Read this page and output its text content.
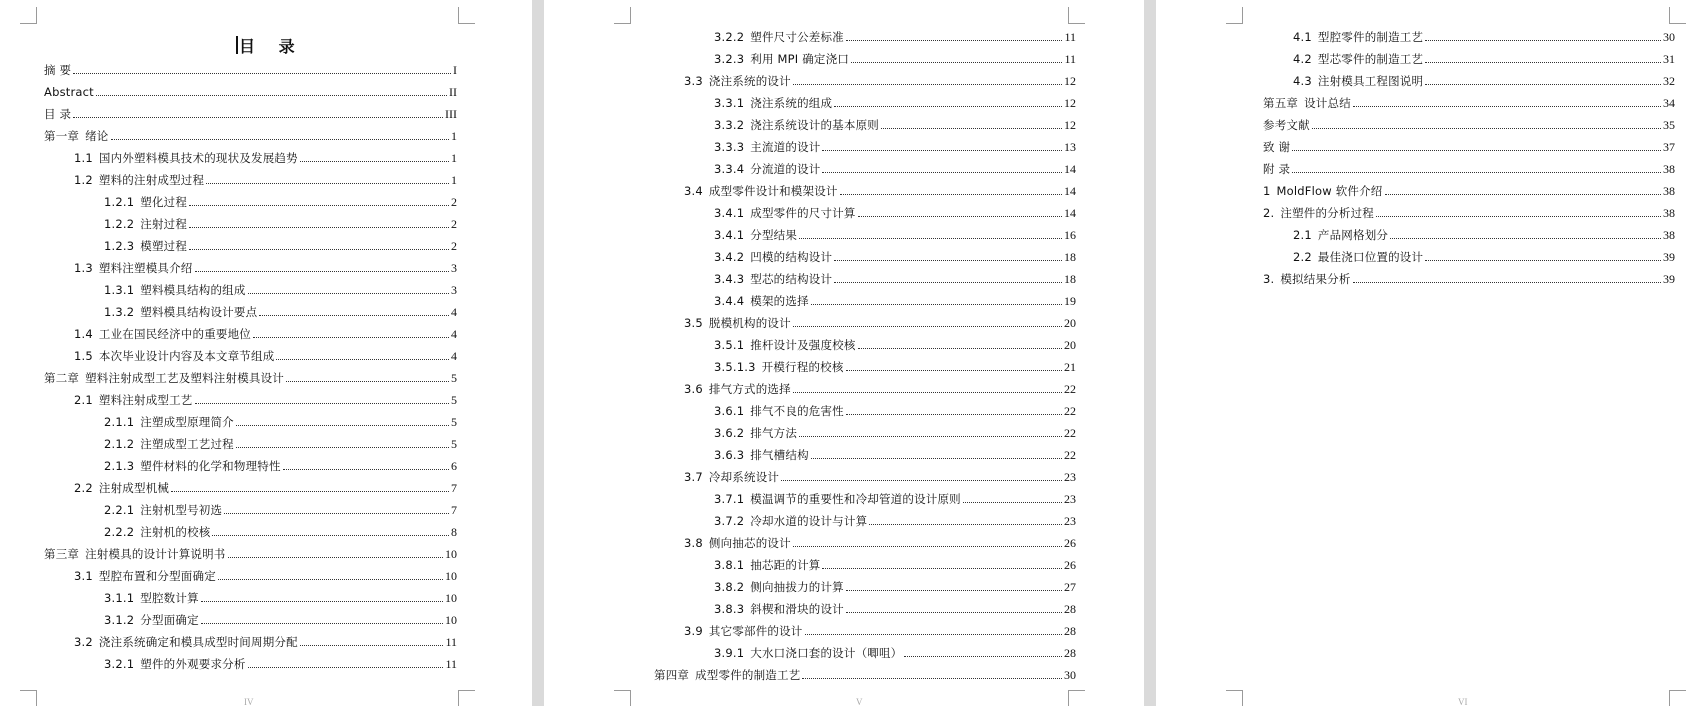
目 录
IV
摘 要	I
Abstract	II
目 录	III
第一章 绪论	1
1.1 国内外塑料模具技术的现状及发展趋势	1
1.2 塑料的注射成型过程	1
1.2.1 塑化过程	2
1.2.2 注射过程	2
1.2.3 模塑过程	2
1.3 塑料注塑模具介绍	3
1.3.1 塑料模具结构的组成	3
1.3.2 塑料模具结构设计要点	4
1.4 工业在国民经济中的重要地位	4
1.5 本次毕业设计内容及本文章节组成	4
第二章 塑料注射成型工艺及塑料注射模具设计	5
2.1 塑料注射成型工艺	5
2.1.1 注塑成型原理简介	5
2.1.2 注塑成型工艺过程	5
2.1.3 塑件材料的化学和物理特性	6
2.2 注射成型机械	7
2.2.1 注射机型号初选	7
2.2.2 注射机的校核	8
第三章 注射模具的设计计算说明书	10
3.1 型腔布置和分型面确定	10
3.1.1 型腔数计算	10
3.1.2 分型面确定	10
3.2 浇注系统确定和模具成型时间周期分配	11
3.2.1 塑件的外观要求分析	11
V
3.2.2 塑件尺寸公差标准	11
3.2.3 利用 MPI 确定浇口	11
3.3 浇注系统的设计	12
3.3.1 浇注系统的组成	12
3.3.2 浇注系统设计的基本原则	12
3.3.3 主流道的设计	13
3.3.4 分流道的设计	14
3.4 成型零件设计和模架设计	14
3.4.1 成型零件的尺寸计算	14
3.4.1 分型结果	16
3.4.2 凹模的结构设计	18
3.4.3 型芯的结构设计	18
3.4.4 模架的选择	19
3.5 脱模机构的设计	20
3.5.1 推杆设计及强度校核	20
3.5.1.3 开模行程的校核	21
3.6 排气方式的选择	22
3.6.1 排气不良的危害性	22
3.6.2 排气方法	22
3.6.3 排气槽结构	22
3.7 冷却系统设计	23
3.7.1 模温调节的重要性和冷却管道的设计原则	23
3.7.2 冷却水道的设计与计算	23
3.8 侧向抽芯的设计	26
3.8.1 抽芯距的计算	26
3.8.2 侧向抽拔力的计算	27
3.8.3 斜楔和滑块的设计	28
3.9 其它零部件的设计	28
3.9.1 大水口浇口套的设计（唧咀）	28
第四章 成型零件的制造工艺	30
VI
4.1 型腔零件的制造工艺	30
4.2 型芯零件的制造工艺	31
4.3 注射模具工程图说明	32
第五章 设计总结	34
参考文献	35
致 谢	37
附 录	38
1 MoldFlow 软件介绍	38
2. 注塑件的分析过程	38
2.1 产品网格划分	38
2.2 最佳浇口位置的设计	39
3. 模拟结果分析	39
